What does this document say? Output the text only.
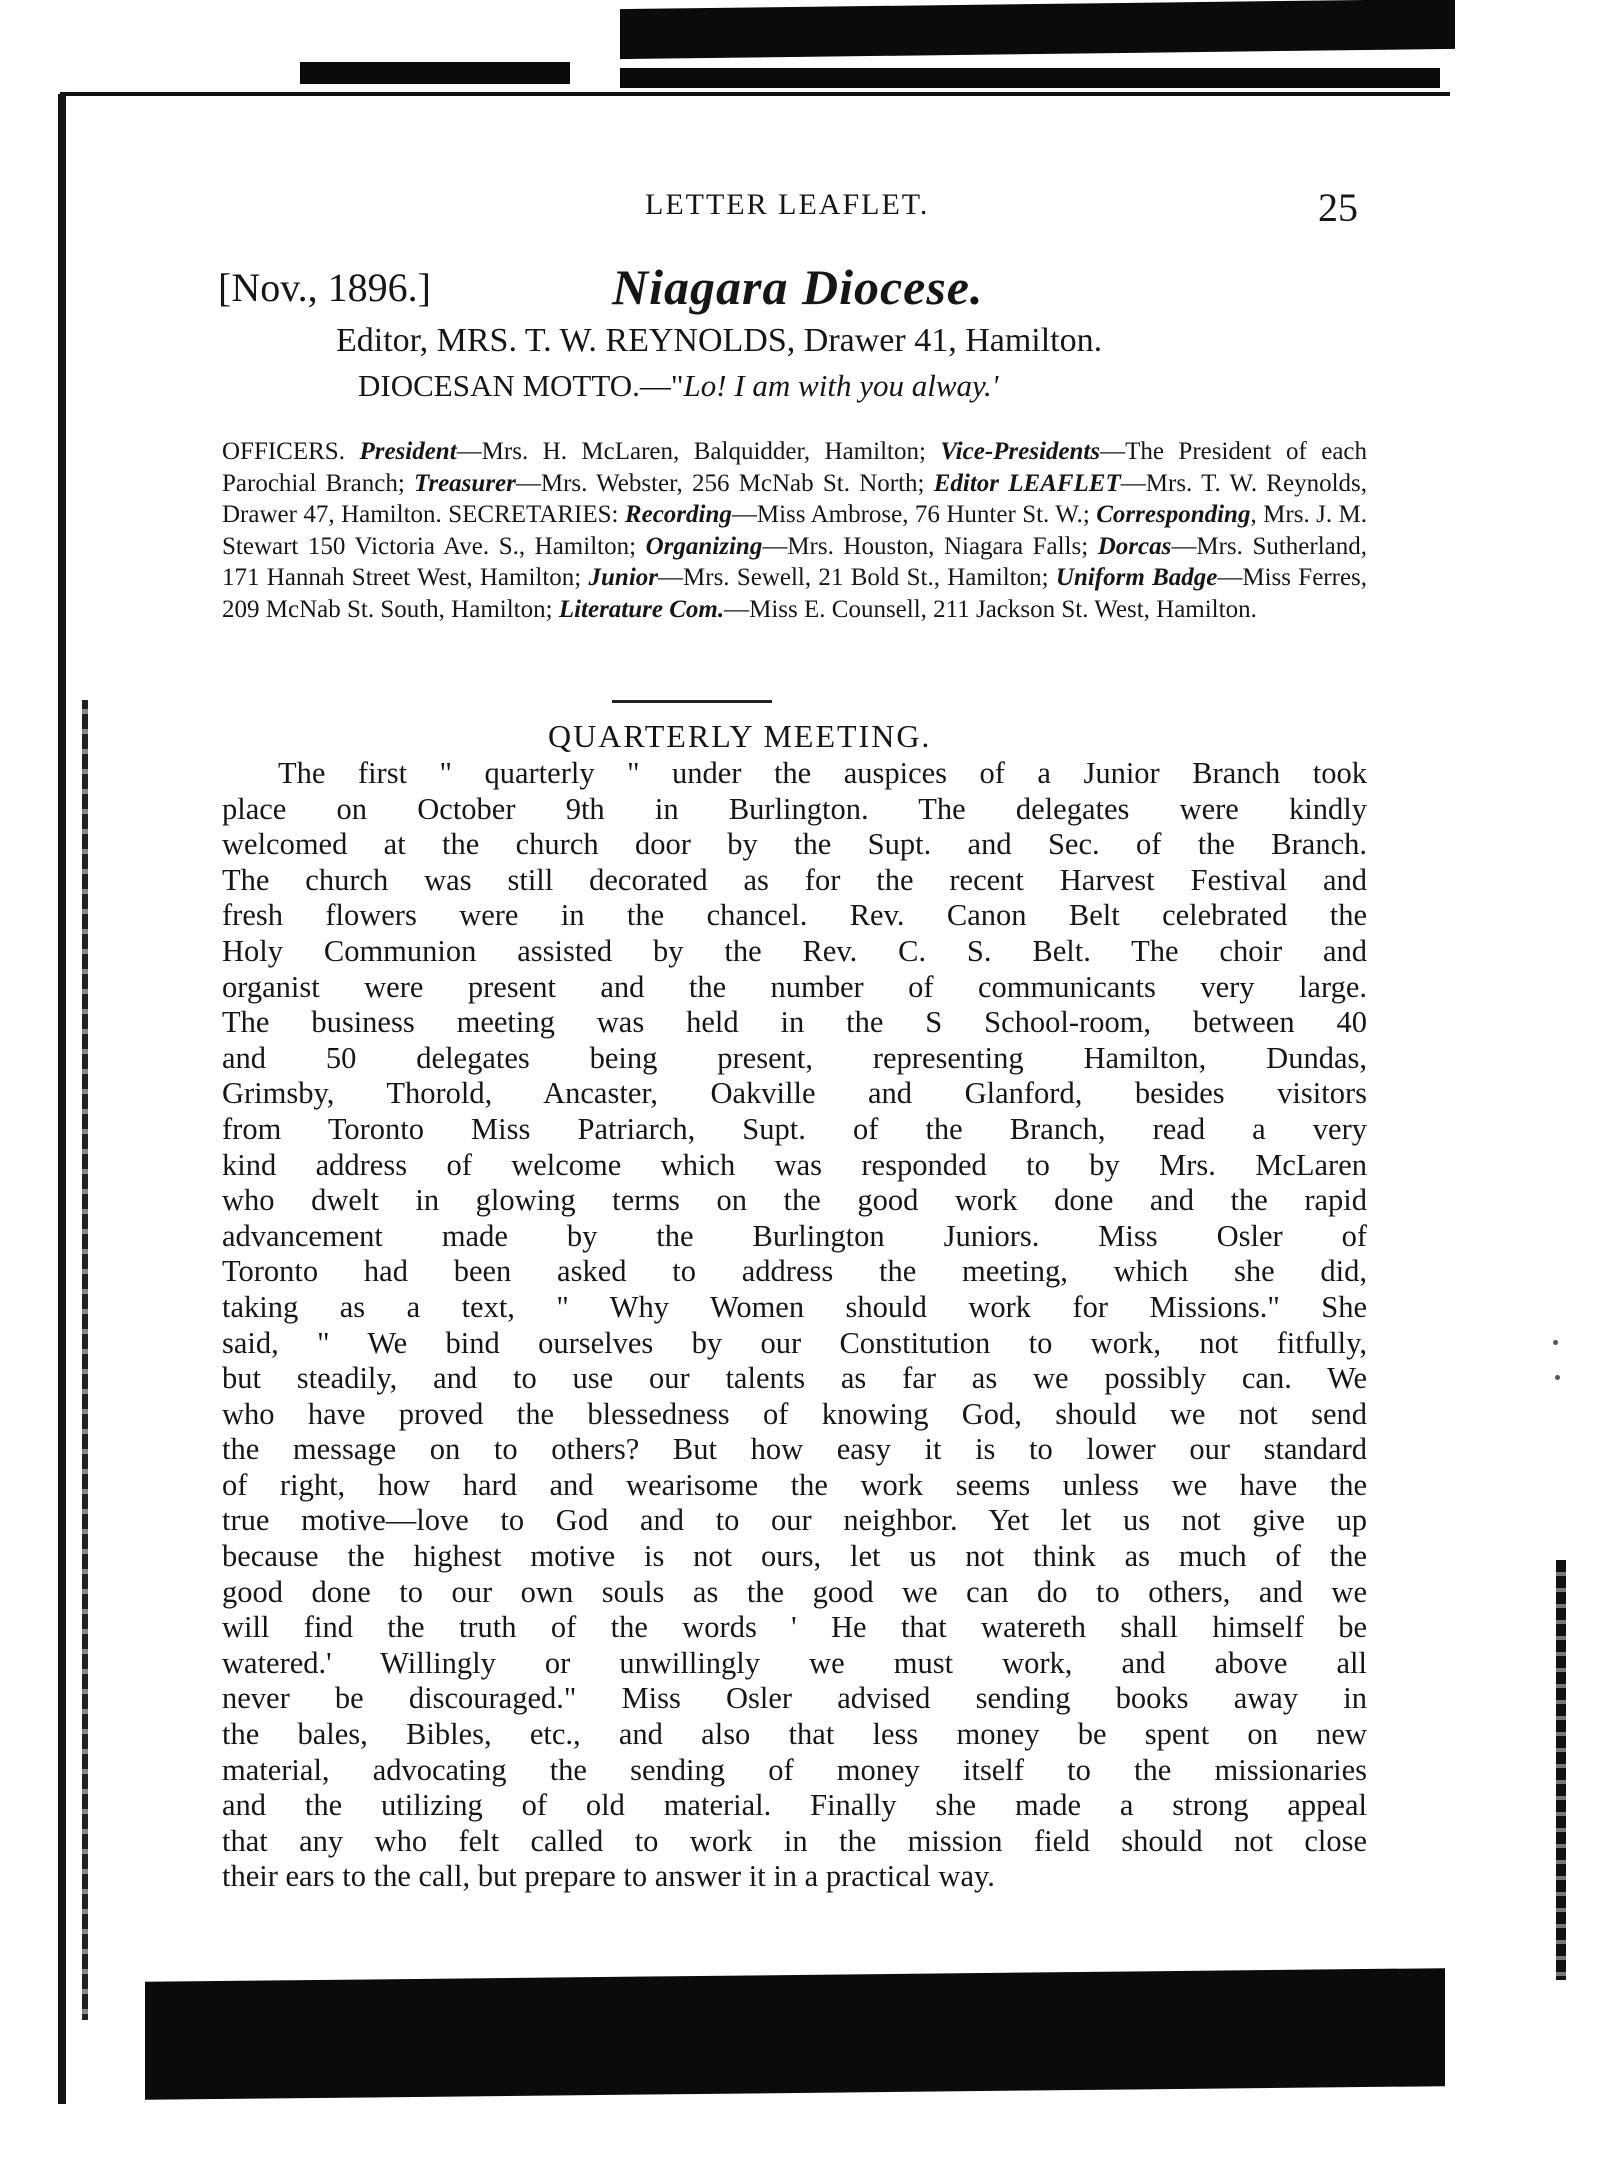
LETTER LEAFLET.	25
[Nov., 1896.]	Niagara Diocese.
Editor, MRS. T. W. REYNOLDS, Drawer 41, Hamilton.
DIOCESAN MOTTO.—"Lo! I am with you alway.'
OFFICERS. President—Mrs. H. McLaren, Balquidder, Hamilton; Vice-Presidents—The President of each Parochial Branch; Treasurer—Mrs. Webster, 256 McNab St. North; Editor LEAFLET—Mrs. T. W. Reynolds, Drawer 47, Hamilton. SECRETARIES: Recording—Miss Ambrose, 76 Hunter St. W.; Corresponding, Mrs. J. M. Stewart 150 Victoria Ave. S., Hamilton; Organizing—Mrs. Houston, Niagara Falls; Dorcas—Mrs. Sutherland, 171 Hannah Street West, Hamilton; Junior—Mrs. Sewell, 21 Bold St., Hamilton; Uniform Badge—Miss Ferres, 209 McNab St. South, Hamilton; Literature Com.—Miss E. Counsell, 211 Jackson St. West, Hamilton.
QUARTERLY MEETING.
The first " quarterly " under the auspices of a Junior Branch took
place on October 9th in Burlington. The delegates were kindly
welcomed at the church door by the Supt. and Sec. of the Branch.
The church was still decorated as for the recent Harvest Festival and
fresh flowers were in the chancel. Rev. Canon Belt celebrated the
Holy Communion assisted by the Rev. C. S. Belt. The choir and
organist were present and the number of communicants very large.
The business meeting was held in the S School-room, between 40
and 50 delegates being present, representing Hamilton, Dundas,
Grimsby, Thorold, Ancaster, Oakville and Glanford, besides visitors
from Toronto Miss Patriarch, Supt. of the Branch, read a very
kind address of welcome which was responded to by Mrs. McLaren
who dwelt in glowing terms on the good work done and the rapid
advancement made by the Burlington Juniors. Miss Osler of
Toronto had been asked to address the meeting, which she did,
taking as a text, " Why Women should work for Missions." She
said, " We bind ourselves by our Constitution to work, not fitfully,
but steadily, and to use our talents as far as we possibly can. We
who have proved the blessedness of knowing God, should we not send
the message on to others? But how easy it is to lower our standard
of right, how hard and wearisome the work seems unless we have the
true motive—love to God and to our neighbor. Yet let us not give up
because the highest motive is not ours, let us not think as much of the
good done to our own souls as the good we can do to others, and we
will find the truth of the words ' He that watereth shall himself be
watered.' Willingly or unwillingly we must work, and above all
never be discouraged." Miss Osler advised sending books away in
the bales, Bibles, etc., and also that less money be spent on new
material, advocating the sending of money itself to the missionaries
and the utilizing of old material. Finally she made a strong appeal
that any who felt called to work in the mission field should not close
their ears to the call, but prepare to answer it in a practical way.
